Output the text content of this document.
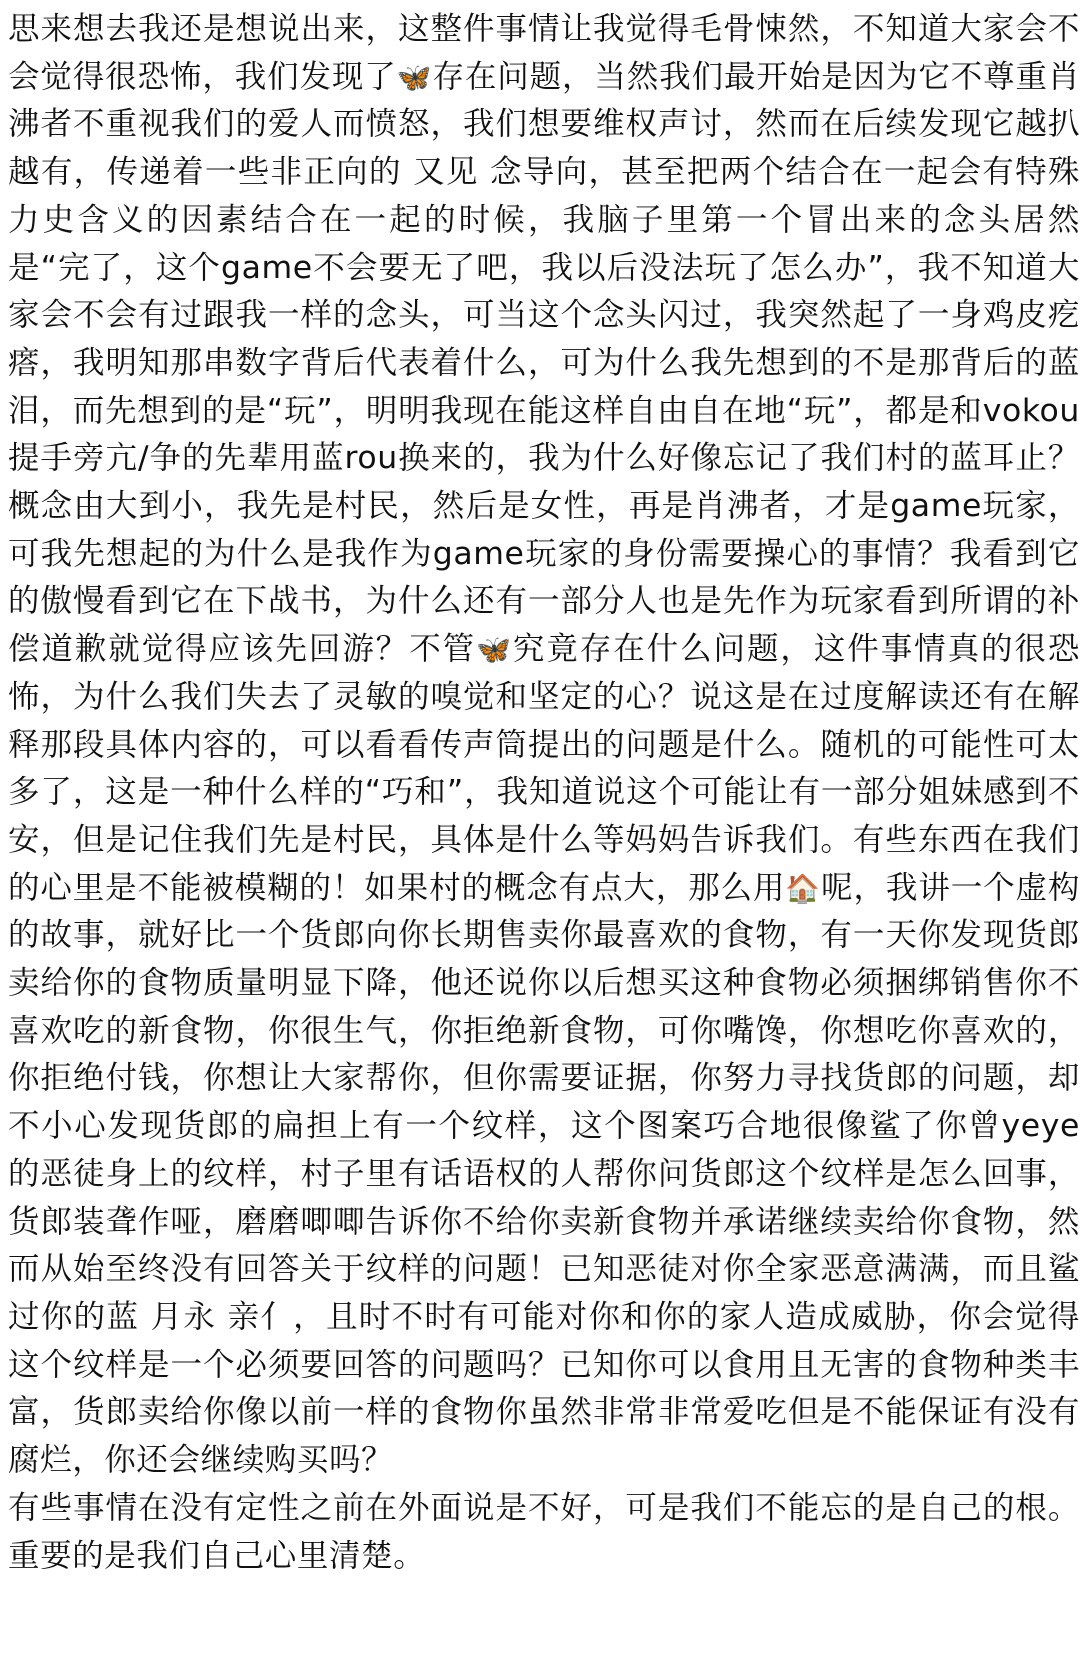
思来想去我还是想说出来，这整件事情让我觉得毛骨悚然，不知道大家会不会觉得很恐怖，我们发现了🦋存在问题，当然我们最开始是因为它不尊重肖沸者不重视我们的爱人而愤怒，我们想要维权声讨，然而在后续发现它越扒越有，传递着一些非正向的 又见 念导向，甚至把两个结合在一起会有特殊力史含义的因素结合在一起的时候，我脑子里第一个冒出来的念头居然是“完了，这个game不会要无了吧，我以后没法玩了怎么办”，我不知道大家会不会有过跟我一样的念头，可当这个念头闪过，我突然起了一身鸡皮疙瘩，我明知那串数字背后代表着什么，可为什么我先想到的不是那背后的蓝泪，而先想到的是“玩”，明明我现在能这样自由自在地“玩”，都是和vokou提手旁亢/争的先辈用蓝rou换来的，我为什么好像忘记了我们村的蓝耳止？概念由大到小，我先是村民，然后是女性，再是肖沸者，才是game玩家，可我先想起的为什么是我作为game玩家的身份需要操心的事情？我看到它的傲慢看到它在下战书，为什么还有一部分人也是先作为玩家看到所谓的补偿道歉就觉得应该先回游？不管🦋究竟存在什么问题，这件事情真的很恐怖，为什么我们失去了灵敏的嗅觉和坚定的心？说这是在过度解读还有在解释那段具体内容的，可以看看传声筒提出的问题是什么。随机的可能性可太多了，这是一种什么样的“巧和”，我知道说这个可能让有一部分姐妹感到不安，但是记住我们先是村民，具体是什么等妈妈告诉我们。有些东西在我们的心里是不能被模糊的！如果村的概念有点大，那么用🏠呢，我讲一个虚构的故事，就好比一个货郎向你长期售卖你最喜欢的食物，有一天你发现货郎卖给你的食物质量明显下降，他还说你以后想买这种食物必须捆绑销售你不喜欢吃的新食物，你很生气，你拒绝新食物，可你嘴馋，你想吃你喜欢的，你拒绝付钱，你想让大家帮你，但你需要证据，你努力寻找货郎的问题，却不小心发现货郎的扁担上有一个纹样，这个图案巧合地很像鲨了你曾yeye的恶徒身上的纹样，村子里有话语权的人帮你问货郎这个纹样是怎么回事，货郎装聋作哑，磨磨唧唧告诉你不给你卖新食物并承诺继续卖给你食物，然而从始至终没有回答关于纹样的问题！已知恶徒对你全家恶意满满，而且鲨过你的蓝 月永 亲亻，且时不时有可能对你和你的家人造成威胁，你会觉得这个纹样是一个必须要回答的问题吗？已知你可以食用且无害的食物种类丰富，货郎卖给你像以前一样的食物你虽然非常非常爱吃但是不能保证有没有腐烂，你还会继续购买吗？

有些事情在没有定性之前在外面说是不好，可是我们不能忘的是自己的根。重要的是我们自己心里清楚。
